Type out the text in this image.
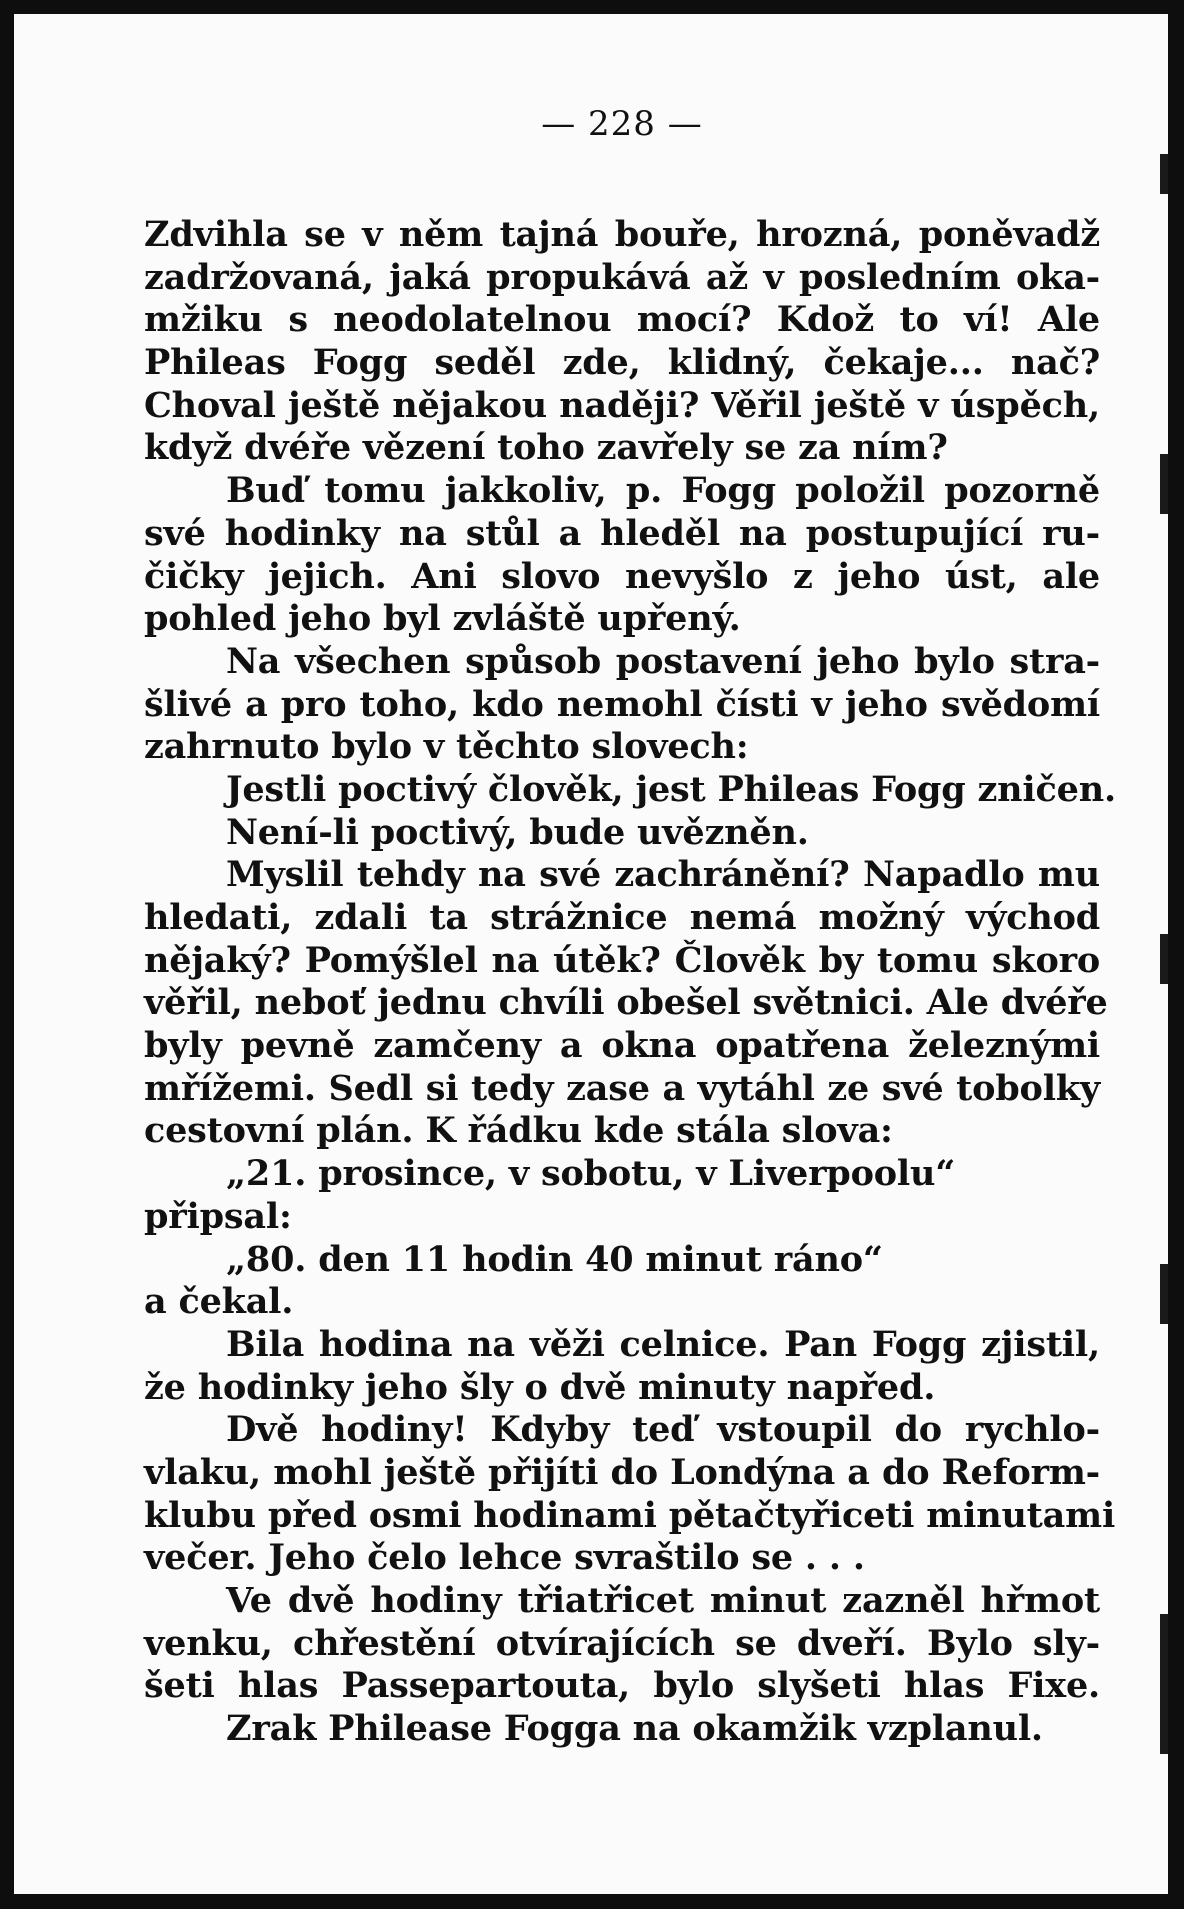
— 228 —
Zdvihla se v něm tajná bouře, hrozná, poněvadž
zadržovaná, jaká propukává až v posledním oka-
mžiku s neodolatelnou mocí? Kdož to ví! Ale
Phileas Fogg seděl zde, klidný, čekaje... nač?
Choval ještě nějakou naději? Věřil ještě v úspěch,
když dvéře vězení toho zavřely se za ním?
Buď tomu jakkoliv, p. Fogg položil pozorně
své hodinky na stůl a hleděl na postupující ru-
čičky jejich. Ani slovo nevyšlo z jeho úst, ale
pohled jeho byl zvláště upřený.
Na všechen spůsob postavení jeho bylo stra-
šlivé a pro toho, kdo nemohl čísti v jeho svědomí
zahrnuto bylo v těchto slovech:
Jestli poctivý člověk, jest Phileas Fogg zničen.
Není-li poctivý, bude uvězněn.
Myslil tehdy na své zachránění? Napadlo mu
hledati, zdali ta strážnice nemá možný východ
nějaký? Pomýšlel na útěk? Člověk by tomu skoro
věřil, neboť jednu chvíli obešel světnici. Ale dvéře
byly pevně zamčeny a okna opatřena železnými
mřížemi. Sedl si tedy zase a vytáhl ze své tobolky
cestovní plán. K řádku kde stála slova:
„21. prosince, v sobotu, v Liverpoolu“
připsal:
„80. den 11 hodin 40 minut ráno“
a čekal.
Bila hodina na věži celnice. Pan Fogg zjistil,
že hodinky jeho šly o dvě minuty napřed.
Dvě hodiny! Kdyby teď vstoupil do rychlo-
vlaku, mohl ještě přijíti do Londýna a do Reform-
klubu před osmi hodinami pětačtyřiceti minutami
večer. Jeho čelo lehce svraštilo se . . .
Ve dvě hodiny třiatřicet minut zazněl hřmot
venku, chřestění otvírajících se dveří. Bylo sly-
šeti hlas Passepartouta, bylo slyšeti hlas Fixe.
Zrak Philease Fogga na okamžik vzplanul.
